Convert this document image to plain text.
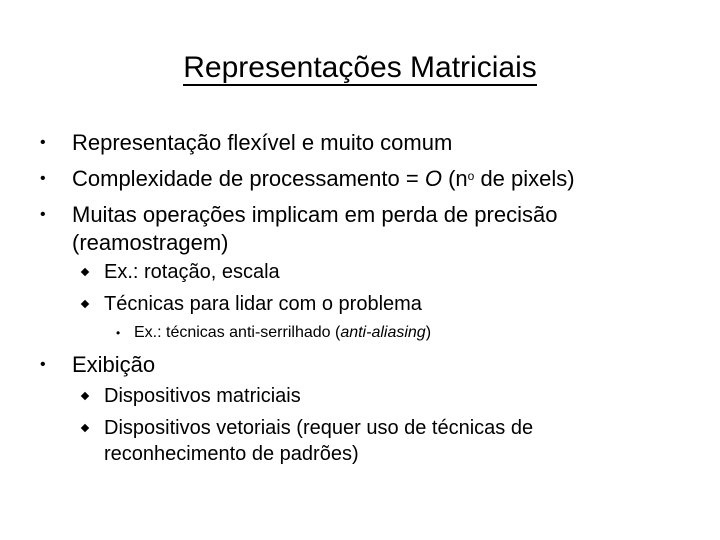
Representações Matriciais
• Representação flexível e muito comum
• Complexidade de processamento = O ($n^o$ de pixels)
• Muitas operações implicam em perda de precisão
(reamostragem)
Ex.: rotação, escala
Técnicas para lidar com o problema
• Ex.: técnicas anti-serrilhado (anti-aliasing)
• Exibição
Dispositivos matriciais
Dispositivos vetoriais (requer uso de técnicas de
reconhecimento de padrões)
